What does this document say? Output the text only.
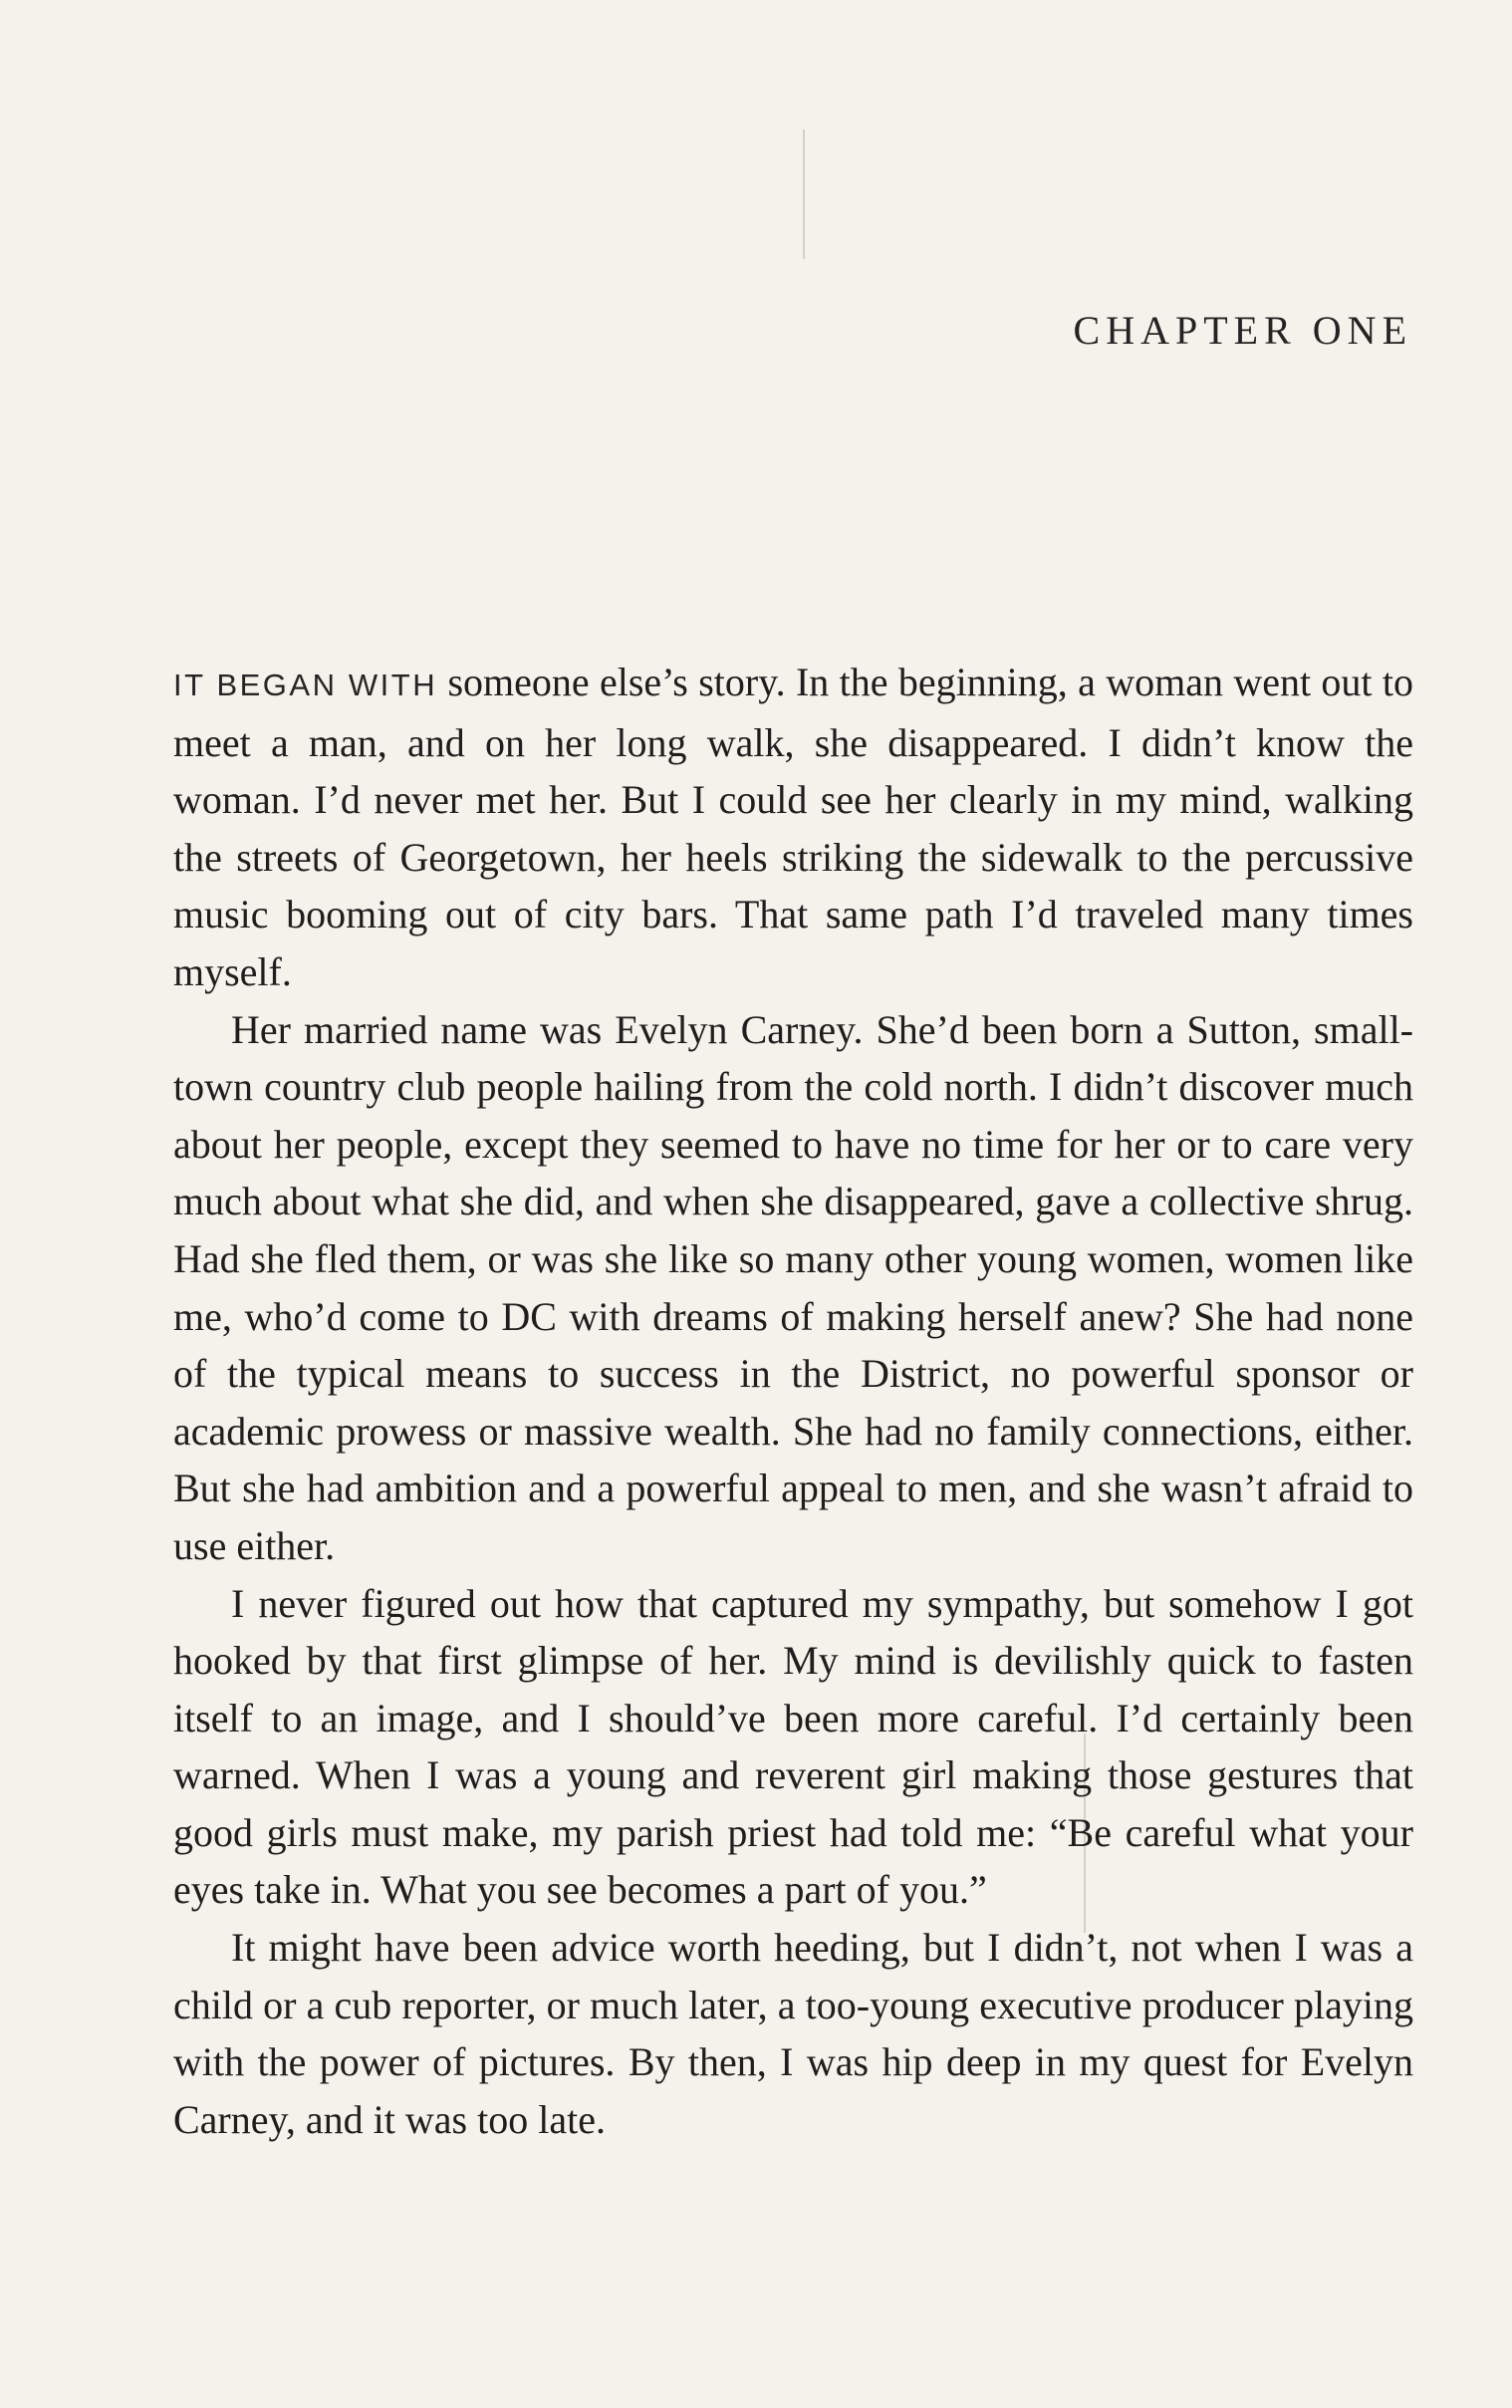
CHAPTER ONE

IT BEGAN WITH someone else’s story. In the beginning, a woman went out to meet a man, and on her long walk, she disappeared. I didn’t know the woman. I’d never met her. But I could see her clearly in my mind, walking the streets of Georgetown, her heels striking the sidewalk to the percussive music booming out of city bars. That same path I’d traveled many times myself.

Her married name was Evelyn Carney. She’d been born a Sutton, small-town country club people hailing from the cold north. I didn’t discover much about her people, except they seemed to have no time for her or to care very much about what she did, and when she disappeared, gave a collective shrug. Had she fled them, or was she like so many other young women, women like me, who’d come to DC with dreams of making herself anew? She had none of the typical means to success in the District, no powerful sponsor or academic prowess or massive wealth. She had no family connections, either. But she had ambition and a powerful appeal to men, and she wasn’t afraid to use either.

I never figured out how that captured my sympathy, but somehow I got hooked by that first glimpse of her. My mind is devilishly quick to fasten itself to an image, and I should’ve been more careful. I’d certainly been warned. When I was a young and reverent girl making those gestures that good girls must make, my parish priest had told me: “Be careful what your eyes take in. What you see becomes a part of you.”

It might have been advice worth heeding, but I didn’t, not when I was a child or a cub reporter, or much later, a too-young executive producer playing with the power of pictures. By then, I was hip deep in my quest for Evelyn Carney, and it was too late.
